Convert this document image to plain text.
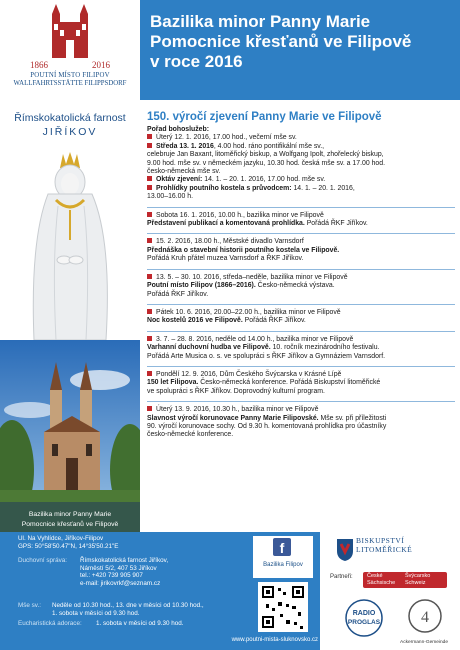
1866	2016
POUTNÍ MÍSTO FILIPOV
WALLFAHRTSSTÄTTE FILIPPSDORF
Římskokatolická farnost
JIŘÍKOV
Bazilika minor Panny Marie
Pomocnice křesťanů ve Filipově
Bazilika minor Panny Marie
Pomocnice křesťanů ve Filipově
v roce 2016
150. výročí zjevení Panny Marie ve Filipově
Pořad bohoslužeb:
Úterý 12. 1. 2016, 17.00 hod., večerní mše sv.
Středa 13. 1. 2016, 4.00 hod. ráno pontifikální mše sv.,
celebruje Jan Baxant, litoměřický biskup, a Wolfgang Ipolt, zhořelecký biskup,
9.00 hod. mše sv. v německém jazyku, 10.30 hod. česká mše sv. a 17.00 hod.
česko-německá mše sv.
Oktáv zjevení: 14. 1. – 20. 1. 2016, 17.00 hod. mše sv.
Prohlídky poutního kostela s průvodcem: 14. 1. – 20. 1. 2016,
13.00–16.00 h.
Sobota 16. 1. 2016, 10.00 h., bazilika minor ve Filipově
Představení publikací a komentovaná prohlídka. Pořádá ŘKF Jiříkov.
15. 2. 2016, 18.00 h., Městské divadlo Varnsdorf
Přednáška o stavební historii poutního kostela ve Filipově.
Pořádá Kruh přátel muzea Varnsdorf a ŘKF Jiříkov.
13. 5. – 30. 10. 2016, středa–neděle, bazilika minor ve Filipově
Poutní místo Filipov (1866–2016). Česko-německá výstava.
Pořádá ŘKF Jiříkov.
Pátek 10. 6. 2016, 20.00–22.00 h., bazilika minor ve Filipově
Noc kostelů 2016 ve Filipově. Pořádá ŘKF Jiříkov.
3. 7. – 28. 8. 2016, neděle od 14.00 h., bazilika minor ve Filipově
Varhanní duchovní hudba ve Filipově. 10. ročník mezinárodního festivalu.
Pořádá Arte Musica o. s. ve spolupráci s ŘKF Jiříkov a Gymnáziem Varnsdorf.
Pondělí 12. 9. 2016, Dům Českého Švýcarska v Krásné Lípě
150 let Filipova. Česko-německá konference. Pořádá Biskupství litoměřické
ve spolupráci s ŘKF Jiříkov. Doprovodný kulturní program.
Úterý 13. 9. 2016, 10.30 h., bazilika minor ve Filipově
Slavnost výročí korunovace Panny Marie Filipovské. Mše sv. při příležitosti
90. výročí korunovace sochy. Od 9.30 h. komentovaná prohlídka pro účastníky
česko-německé konference.
Ul. Na Vyhlídce, Jiříkov-Filipov
GPS: 50°58'50.47"N, 14°35'50.21"E
Duchovní správa: Římskokatolická farnost Jiříkov,
Náměstí 5/2, 407 53 Jiříkov
tel.: +420 739 905 907
e-mail: jirikovrkf@seznam.cz
Mše sv.: Neděle od 10.30 hod., 13. dne v měsíci od 10.30 hod.,
1. sobota v měsíci od 9.30 hod.
Eucharistická adorace: 1. sobota v měsíci od 9.30 hod.
f
Bazilika Filipov
www.poutni-mista-sluknovsko.cz
BISKUPSTVÍ
LITOMĚŘICKÉ
Partneři:	České
Sächsische
Švýcarsko
Schweiz
RADIO
PROGLAS	4
Ackermann-Gemeinde
